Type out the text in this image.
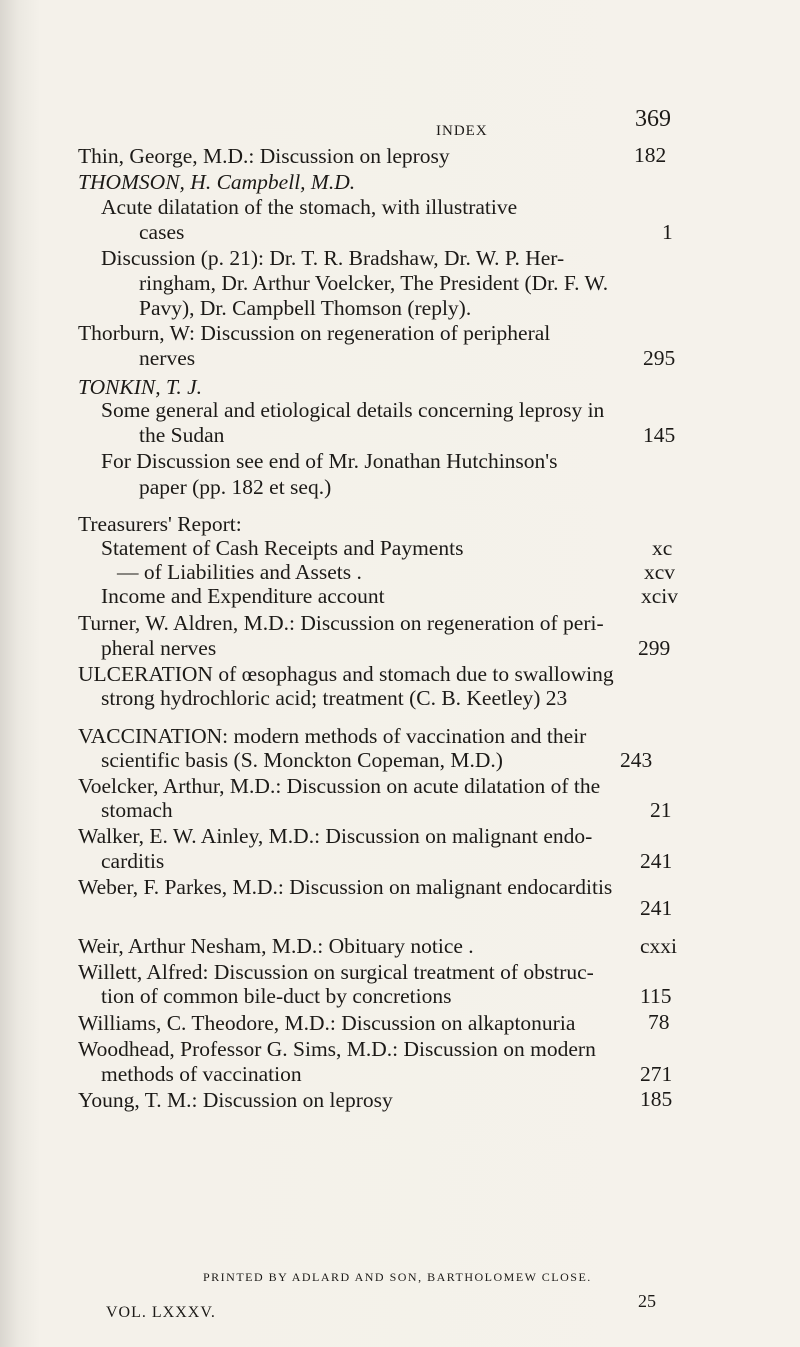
INDEX	369
Thin, George, M.D.: Discussion on leprosy	182
THOMSON, H. Campbell, M.D.
Acute dilatation of the stomach, with illustrative
cases	1
Discussion (p. 21): Dr. T. R. Bradshaw, Dr. W. P. Her-
ringham, Dr. Arthur Voelcker, The President (Dr. F. W.
Pavy), Dr. Campbell Thomson (reply).
Thorburn, W: Discussion on regeneration of peripheral
nerves	295
TONKIN, T. J.
Some general and etiological details concerning leprosy in
the Sudan	145
For Discussion see end of Mr. Jonathan Hutchinson's
paper (pp. 182 et seq.)
Treasurers' Report:
Statement of Cash Receipts and Payments	xc
— of Liabilities and Assets .	xcv
Income and Expenditure account	xciv
Turner, W. Aldren, M.D.: Discussion on regeneration of peri-
pheral nerves	299
ULCERATION of œsophagus and stomach due to swallowing
strong hydrochloric acid; treatment (C. B. Keetley) 23
VACCINATION: modern methods of vaccination and their
scientific basis (S. Monckton Copeman, M.D.)	243
Voelcker, Arthur, M.D.: Discussion on acute dilatation of the
stomach	21
Walker, E. W. Ainley, M.D.: Discussion on malignant endo-
carditis	241
Weber, F. Parkes, M.D.: Discussion on malignant endocarditis
241
Weir, Arthur Nesham, M.D.: Obituary notice .	cxxi
Willett, Alfred: Discussion on surgical treatment of obstruc-
tion of common bile-duct by concretions	115
Williams, C. Theodore, M.D.: Discussion on alkaptonuria	78
Woodhead, Professor G. Sims, M.D.: Discussion on modern
methods of vaccination	271
Young, T. M.: Discussion on leprosy	185
PRINTED BY ADLARD AND SON, BARTHOLOMEW CLOSE.
25
VOL. LXXXV.
